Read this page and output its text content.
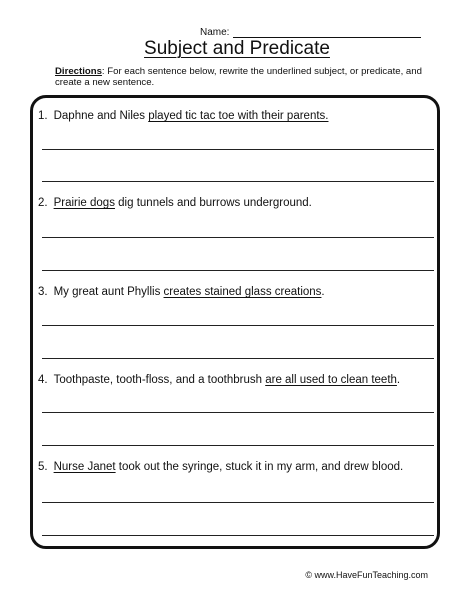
Name:
Subject and Predicate
Directions: For each sentence below, rewrite the underlined subject, or predicate, and create a new sentence.
1. Daphne and Niles played tic tac toe with their parents.
2. Prairie dogs dig tunnels and burrows underground.
3. My great aunt Phyllis creates stained glass creations.
4. Toothpaste, tooth-floss, and a toothbrush are all used to clean teeth.
5. Nurse Janet took out the syringe, stuck it in my arm, and drew blood.
© www.HaveFunTeaching.com
